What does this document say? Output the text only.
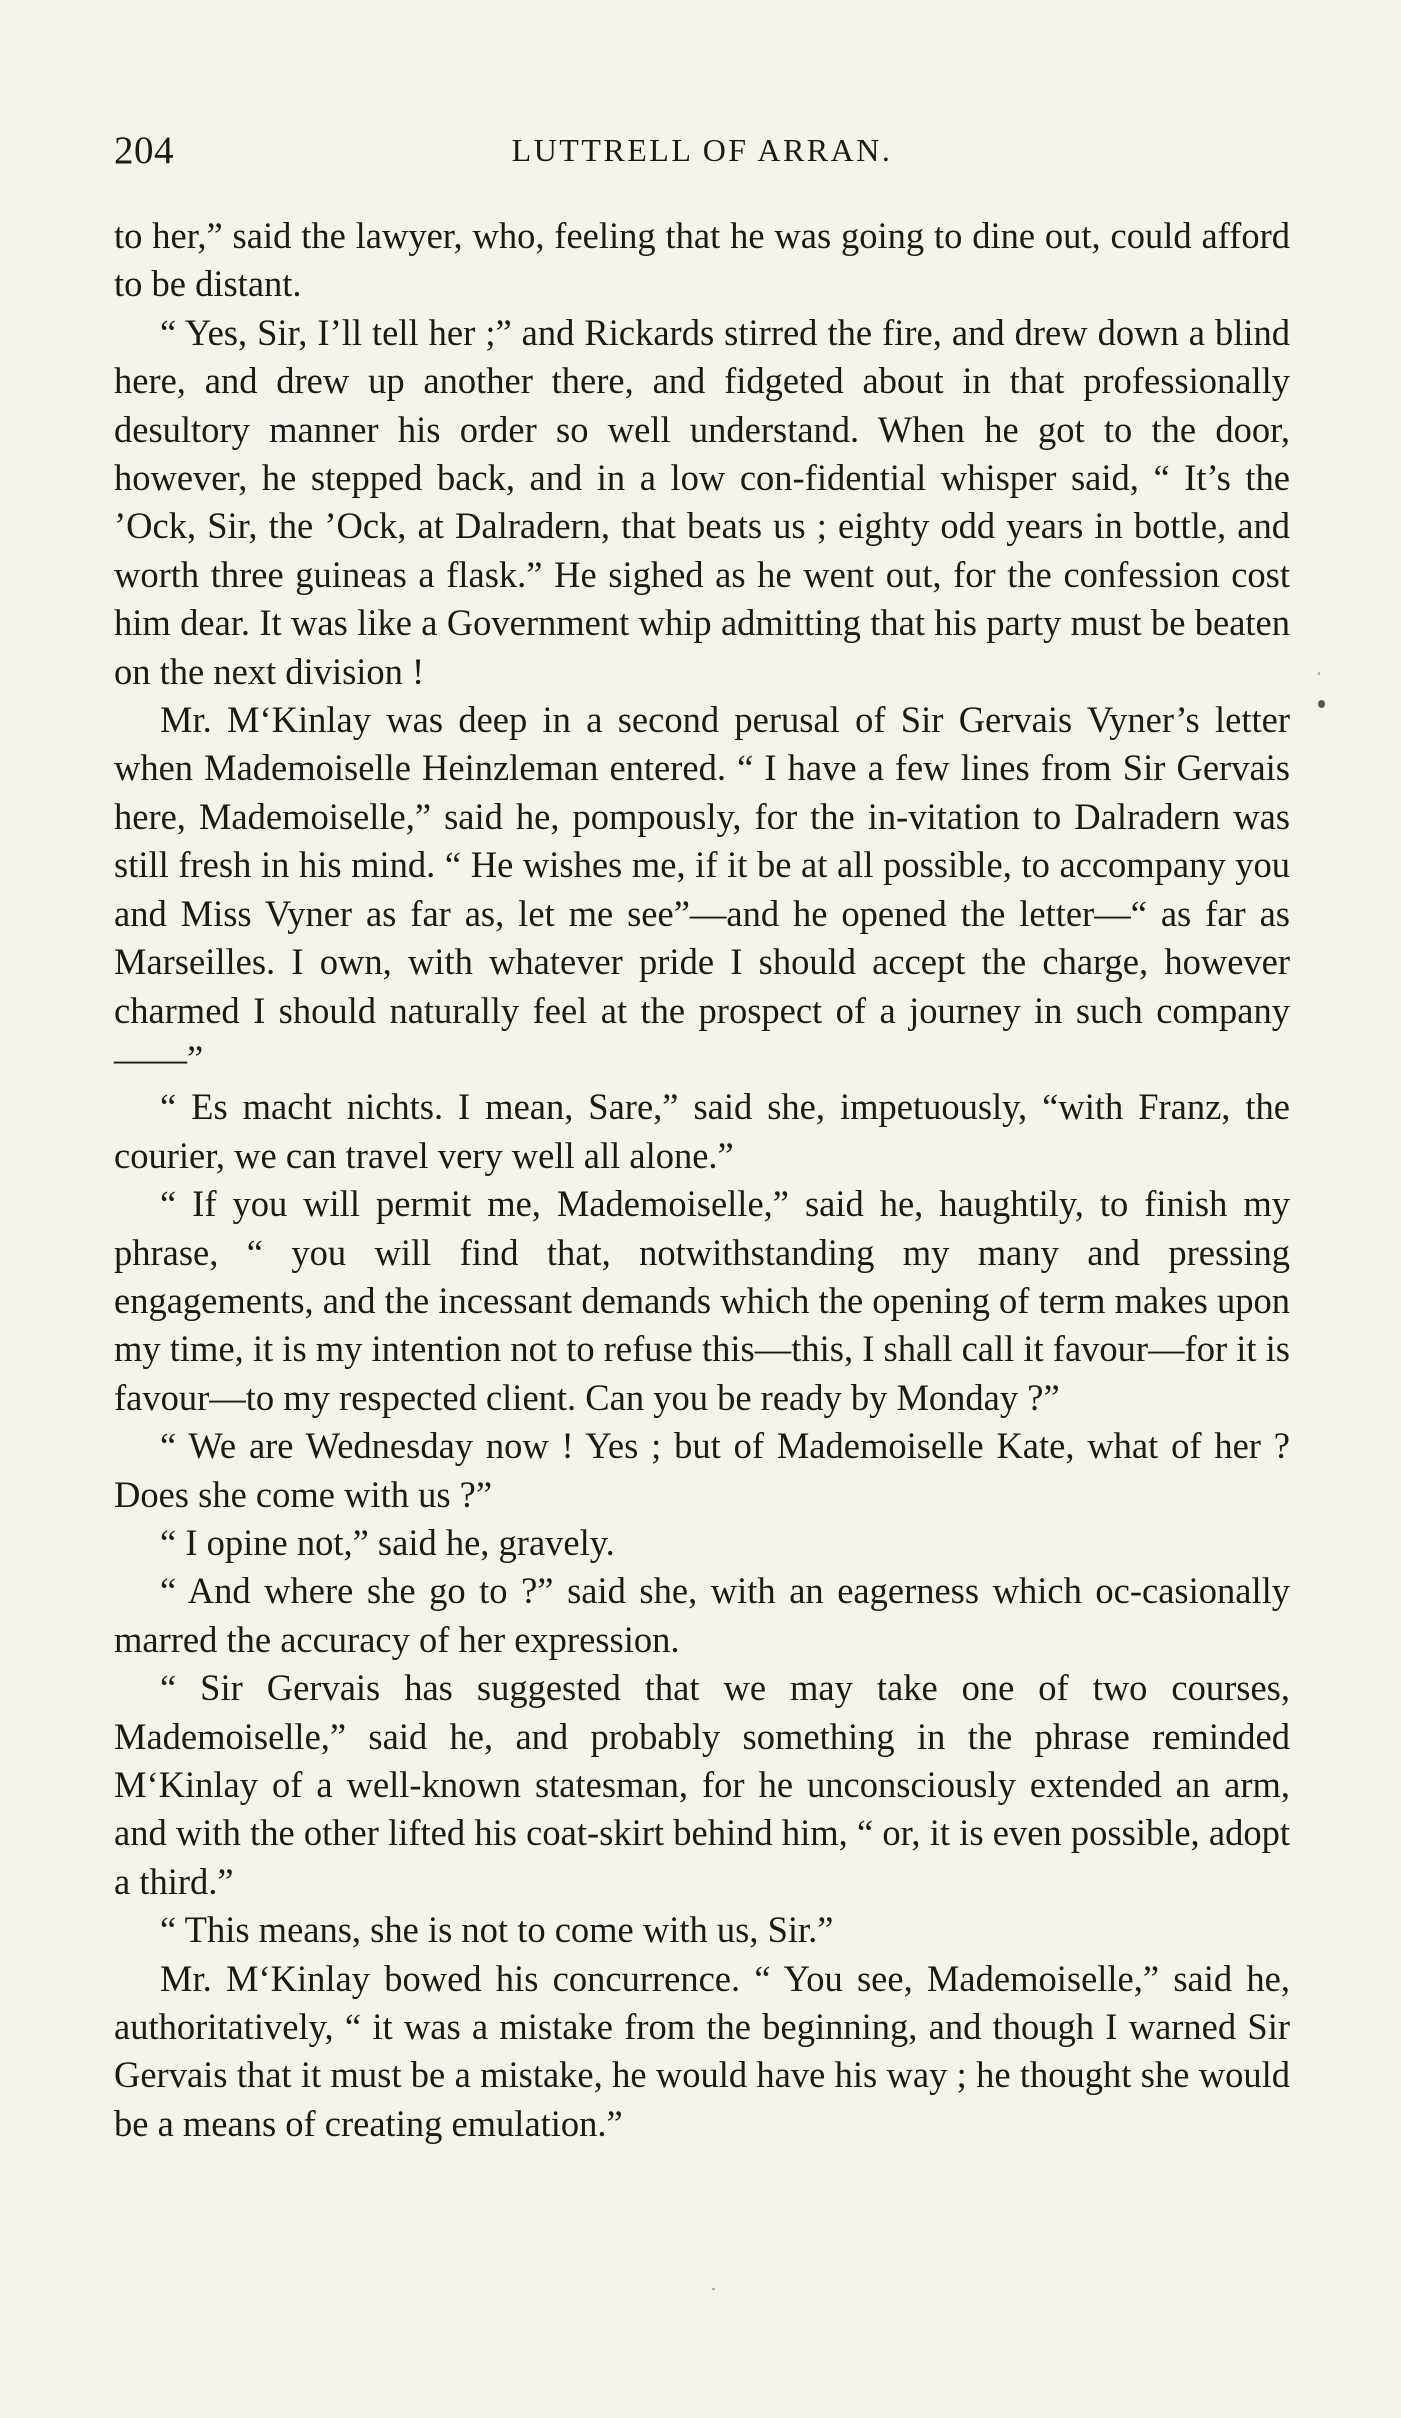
204	LUTTRELL OF ARRAN.

to her,” said the lawyer, who, feeling that he was going to dine out, could afford to be distant.

“ Yes, Sir, I’ll tell her ;” and Rickards stirred the fire, and drew down a blind here, and drew up another there, and fidgeted about in that professionally desultory manner his order so well understand. When he got to the door, however, he stepped back, and in a low con-fidential whisper said, “ It’s the ’Ock, Sir, the ’Ock, at Dalradern, that beats us ; eighty odd years in bottle, and worth three guineas a flask.” He sighed as he went out, for the confession cost him dear. It was like a Government whip admitting that his party must be beaten on the next division !

Mr. M‘Kinlay was deep in a second perusal of Sir Gervais Vyner’s letter when Mademoiselle Heinzleman entered. “ I have a few lines from Sir Gervais here, Mademoiselle,” said he, pompously, for the in-vitation to Dalradern was still fresh in his mind. “ He wishes me, if it be at all possible, to accompany you and Miss Vyner as far as, let me see”—and he opened the letter—“ as far as Marseilles. I own, with whatever pride I should accept the charge, however charmed I should naturally feel at the prospect of a journey in such company——”

“ Es macht nichts. I mean, Sare,” said she, impetuously, “with Franz, the courier, we can travel very well all alone.”

“ If you will permit me, Mademoiselle,” said he, haughtily, to finish my phrase, “ you will find that, notwithstanding my many and pressing engagements, and the incessant demands which the opening of term makes upon my time, it is my intention not to refuse this—this, I shall call it favour—for it is favour—to my respected client. Can you be ready by Monday ?”

“ We are Wednesday now ! Yes ; but of Mademoiselle Kate, what of her ? Does she come with us ?”

“ I opine not,” said he, gravely.

“ And where she go to ?” said she, with an eagerness which oc-casionally marred the accuracy of her expression.

“ Sir Gervais has suggested that we may take one of two courses, Mademoiselle,” said he, and probably something in the phrase reminded M‘Kinlay of a well-known statesman, for he unconsciously extended an arm, and with the other lifted his coat-skirt behind him, “ or, it is even possible, adopt a third.”

“ This means, she is not to come with us, Sir.”

Mr. M‘Kinlay bowed his concurrence. “ You see, Mademoiselle,” said he, authoritatively, “ it was a mistake from the beginning, and though I warned Sir Gervais that it must be a mistake, he would have his way ; he thought she would be a means of creating emulation.”
